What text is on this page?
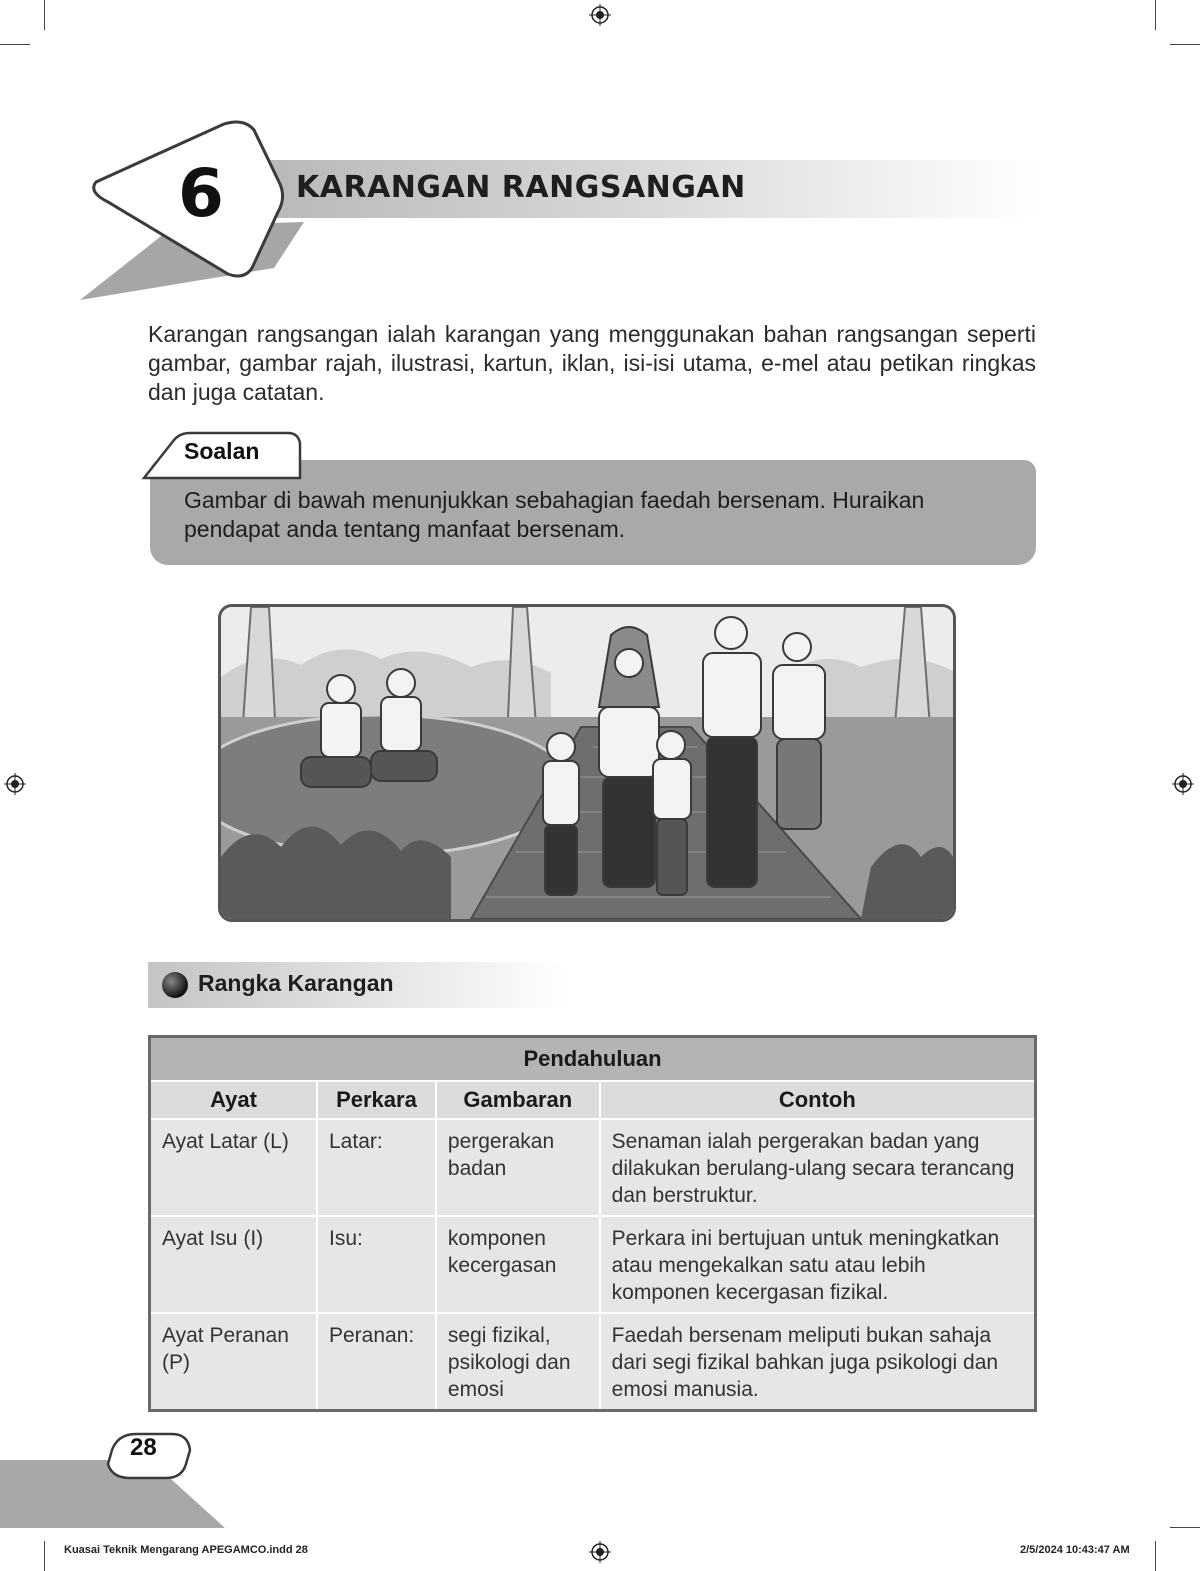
6 KARANGAN RANGSANGAN

Karangan rangsangan ialah karangan yang menggunakan bahan rangsangan seperti gambar, gambar rajah, ilustrasi, kartun, iklan, isi-isi utama, e-mel atau petikan ringkas dan juga catatan.

Soalan

Gambar di bawah menunjukkan sebahagian faedah bersenam. Huraikan pendapat anda tentang manfaat bersenam.

Rangka Karangan
Pendahuluan			
Ayat	Perkara	Gambaran	Contoh
Ayat Latar (L)	Latar:	pergerakan badan	Senaman ialah pergerakan badan yang dilakukan berulang-ulang secara terancang dan berstruktur.
Ayat Isu (I)	Isu:	komponen kecergasan	Perkara ini bertujuan untuk meningkatkan atau mengekalkan satu atau lebih komponen kecergasan fizikal.
Ayat Peranan (P)	Peranan:	segi fizikal, psikologi dan emosi	Faedah bersenam meliputi bukan sahaja dari segi fizikal bahkan juga psikologi dan emosi manusia.
28
Kuasai Teknik Mengarang APEGAMCO.indd 28	2/5/2024 10:43:47 AM
